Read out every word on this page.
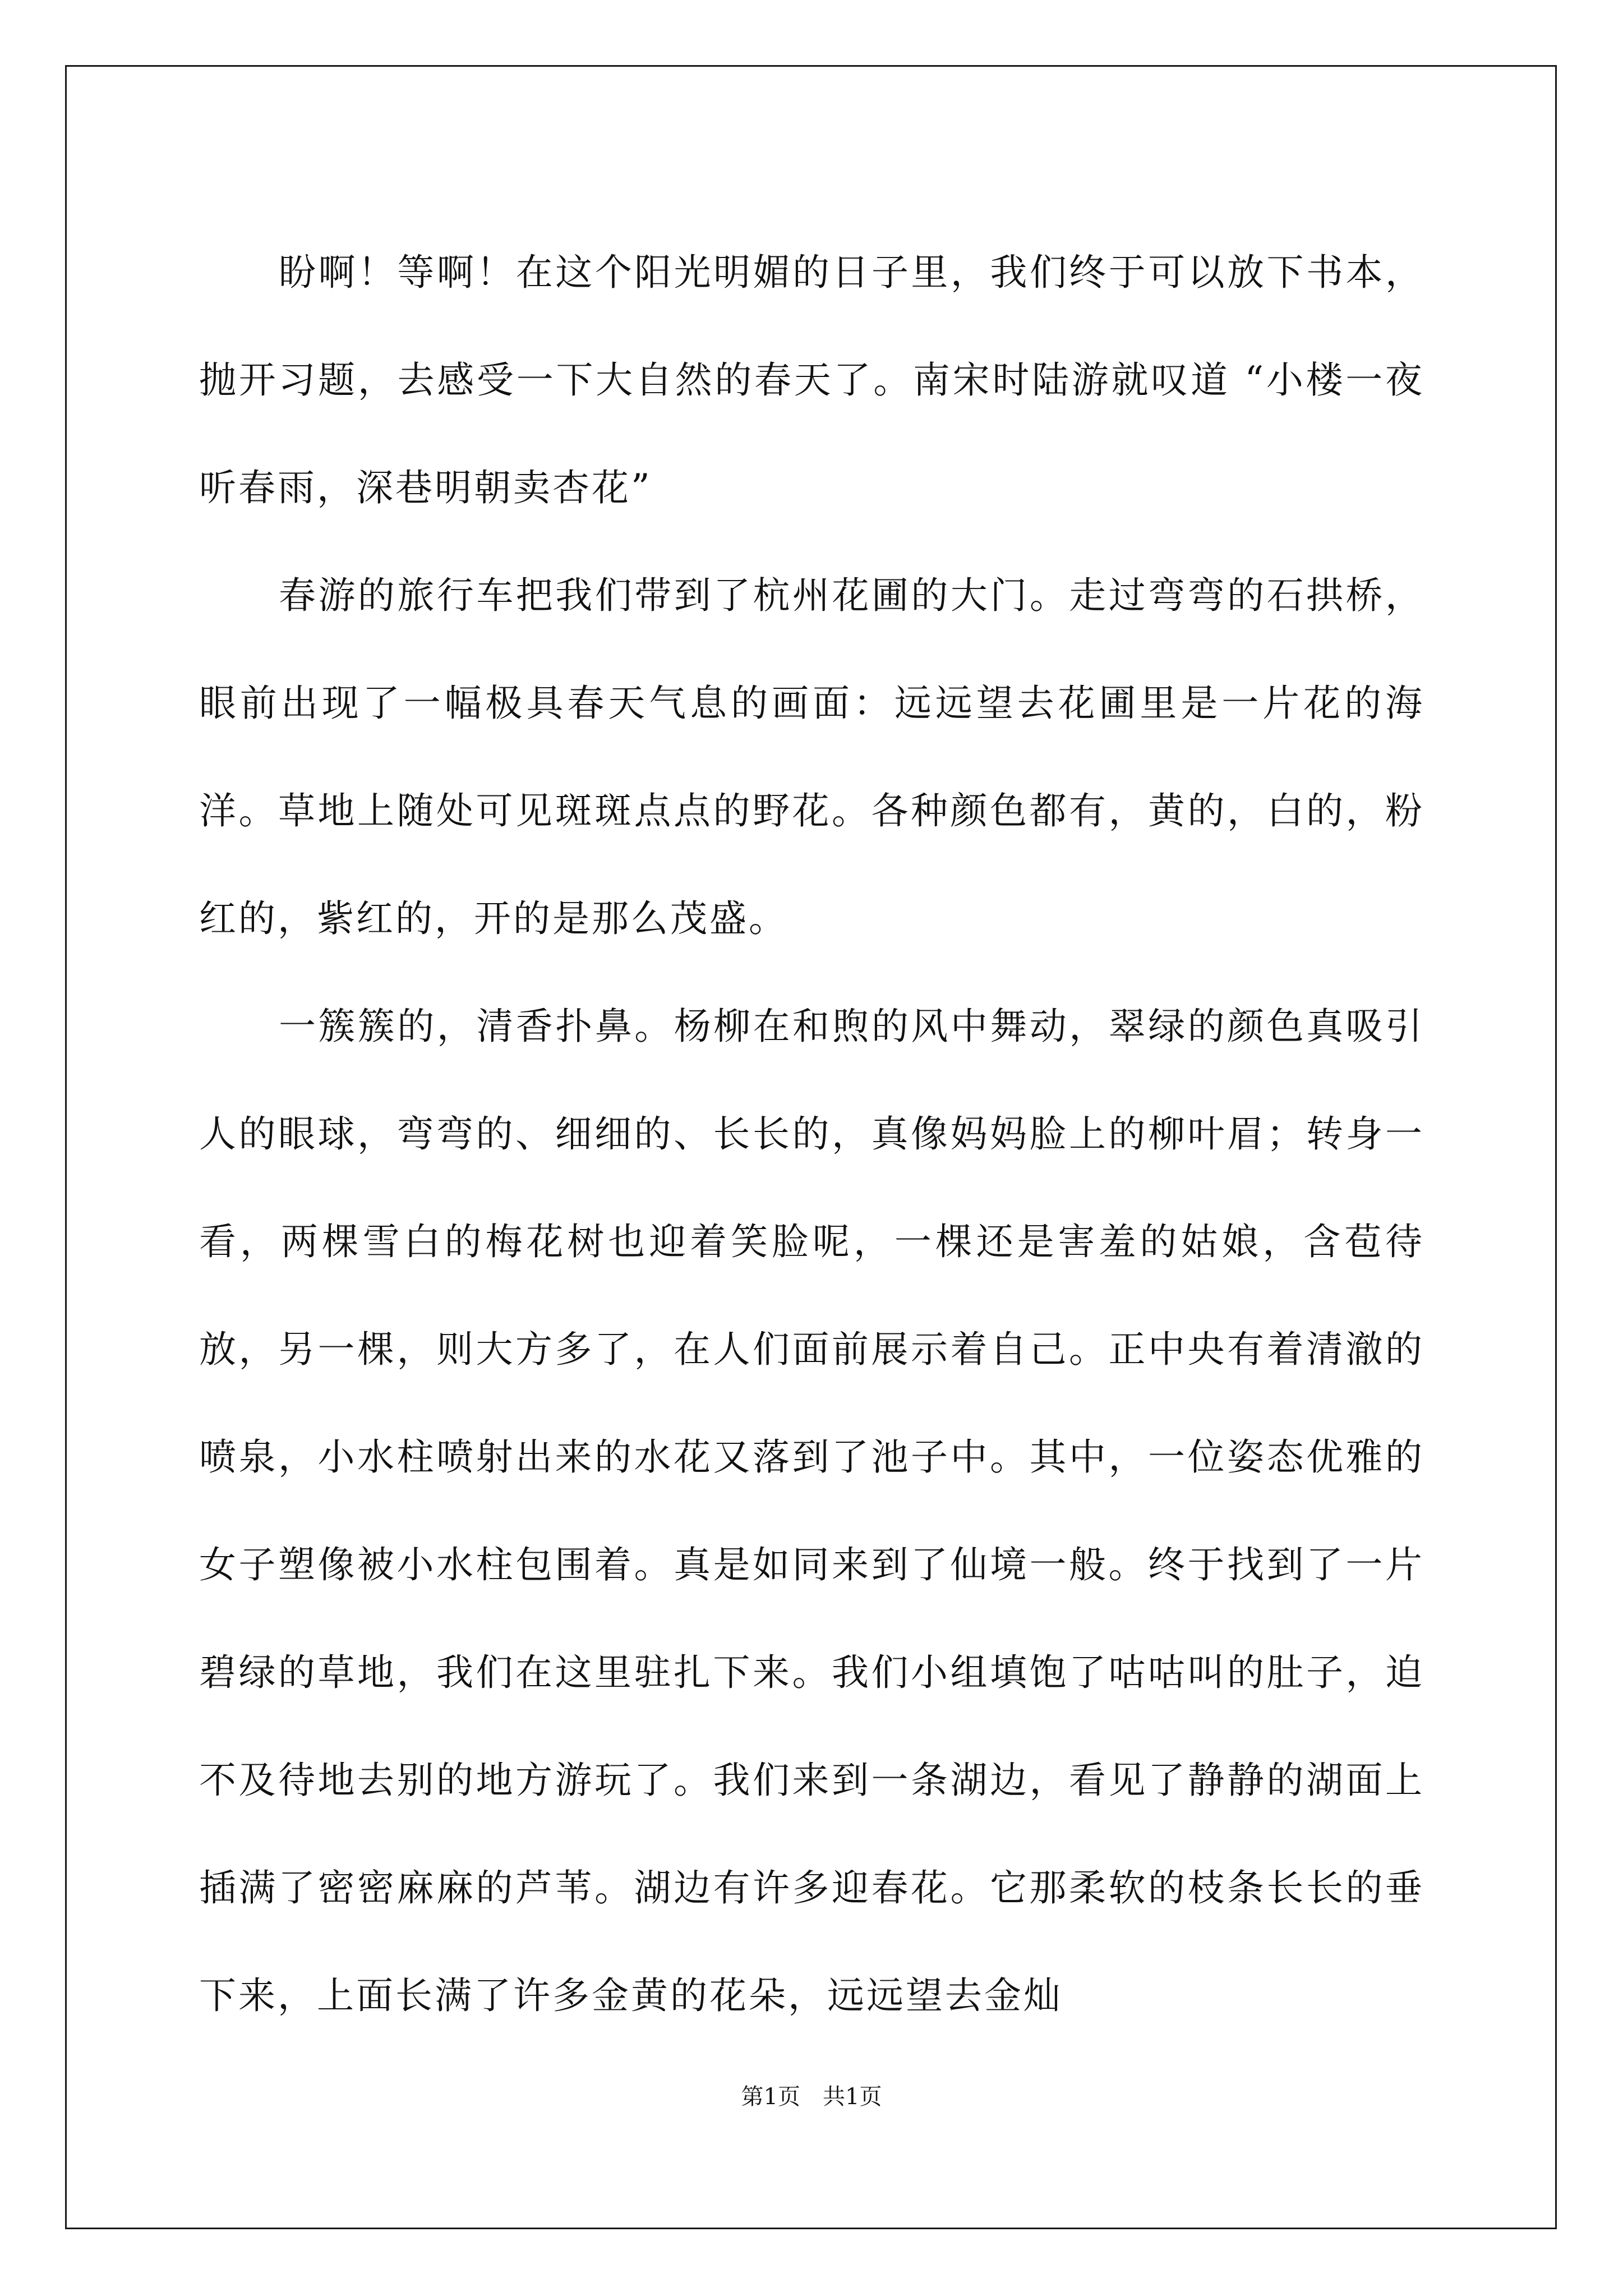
盼啊！等啊！在这个阳光明媚的日子里，我们终于可以放下书本，抛开习题，去感受一下大自然的春天了。南宋时陆游就叹道 “小楼一夜听春雨，深巷明朝卖杏花”

春游的旅行车把我们带到了杭州花圃的大门。走过弯弯的石拱桥，眼前出现了一幅极具春天气息的画面：远远望去花圃里是一片花的海洋。草地上随处可见斑斑点点的野花。各种颜色都有，黄的，白的，粉红的，紫红的，开的是那么茂盛。

一簇簇的，清香扑鼻。杨柳在和煦的风中舞动，翠绿的颜色真吸引人的眼球，弯弯的、细细的、长长的，真像妈妈脸上的柳叶眉；转身一看，两棵雪白的梅花树也迎着笑脸呢，一棵还是害羞的姑娘，含苞待放，另一棵，则大方多了，在人们面前展示着自己。正中央有着清澈的喷泉，小水柱喷射出来的水花又落到了池子中。其中，一位姿态优雅的女子塑像被小水柱包围着。真是如同来到了仙境一般。终于找到了一片碧绿的草地，我们在这里驻扎下来。我们小组填饱了咕咕叫的肚子，迫不及待地去别的地方游玩了。我们来到一条湖边，看见了静静的湖面上插满了密密麻麻的芦苇。湖边有许多迎春花。它那柔软的枝条长长的垂下来，上面长满了许多金黄的花朵，远远望去金灿

第1页 共1页
